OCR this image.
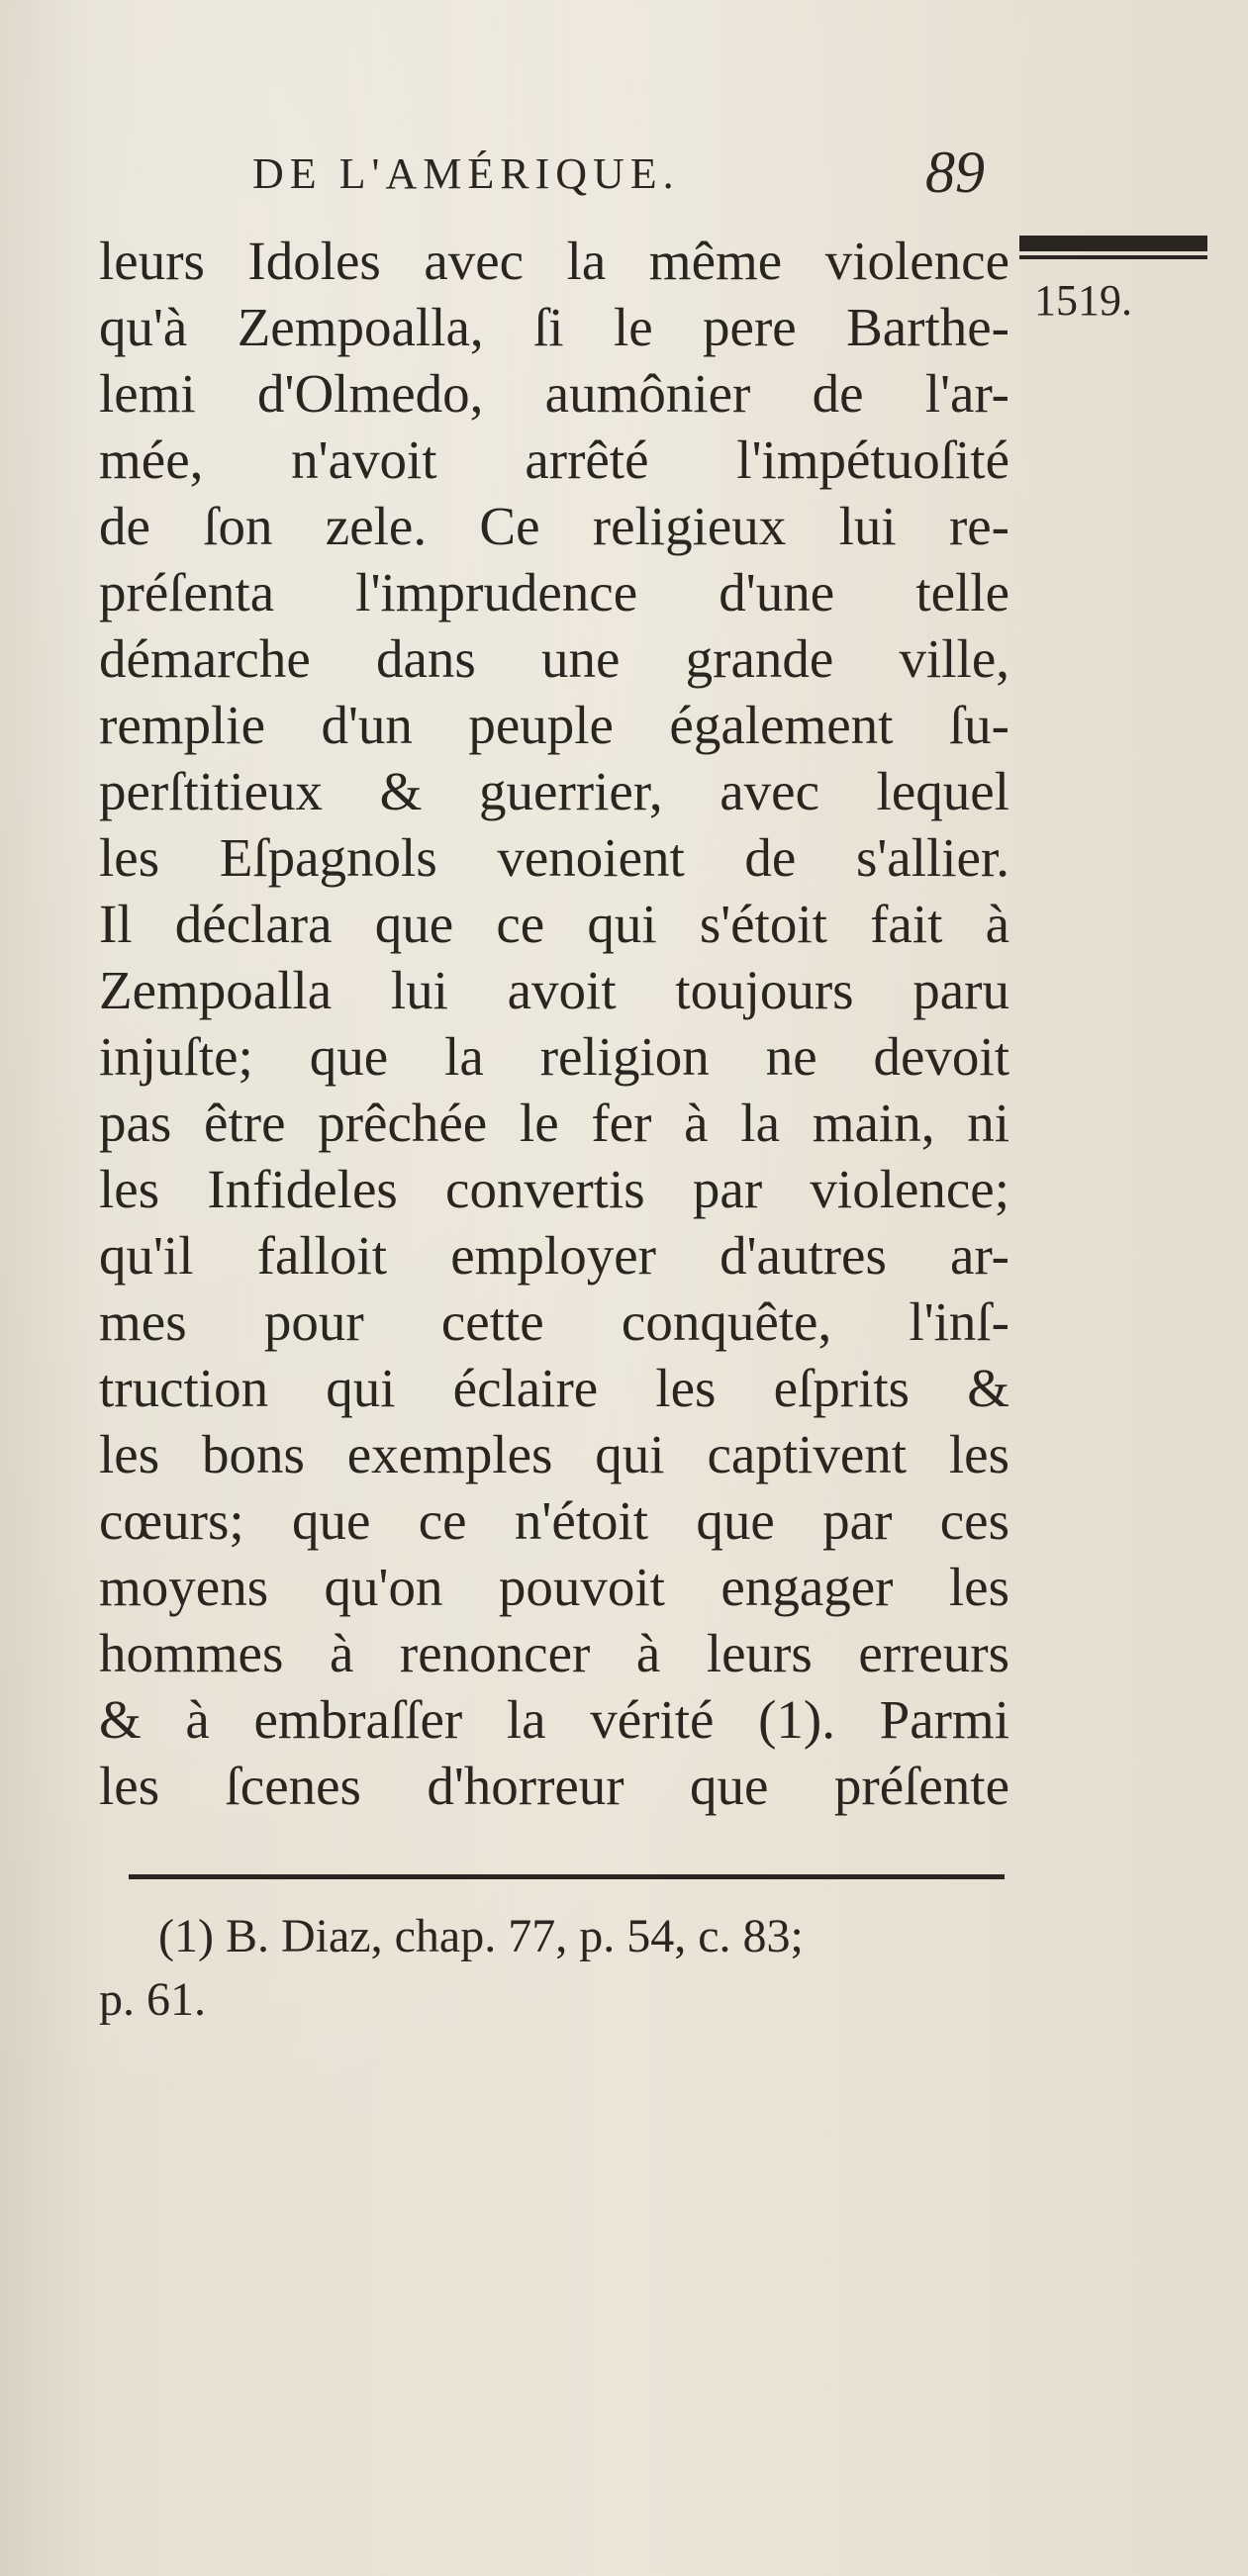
DE L'AMÉRIQUE.	89
1519.
leurs Idoles avec la même violence
qu'à Zempoalla, ſi le pere Barthe-
lemi d'Olmedo, aumônier de l'ar-
mée, n'avoit arrêté l'impétuoſité
de ſon zele. Ce religieux lui re-
préſenta l'imprudence d'une telle
démarche dans une grande ville,
remplie d'un peuple également ſu-
perſtitieux & guerrier, avec lequel
les Eſpagnols venoient de s'allier.
Il déclara que ce qui s'étoit fait à
Zempoalla lui avoit toujours paru
injuſte; que la religion ne devoit
pas être prêchée le fer à la main, ni
les Infideles convertis par violence;
qu'il falloit employer d'autres ar-
mes pour cette conquête, l'inſ-
truction qui éclaire les eſprits &
les bons exemples qui captivent les
cœurs; que ce n'étoit que par ces
moyens qu'on pouvoit engager les
hommes à renoncer à leurs erreurs
& à embraſſer la vérité (1). Parmi
les ſcenes d'horreur que préſente
(1) B. Diaz, chap. 77, p. 54, c. 83;
p. 61.
